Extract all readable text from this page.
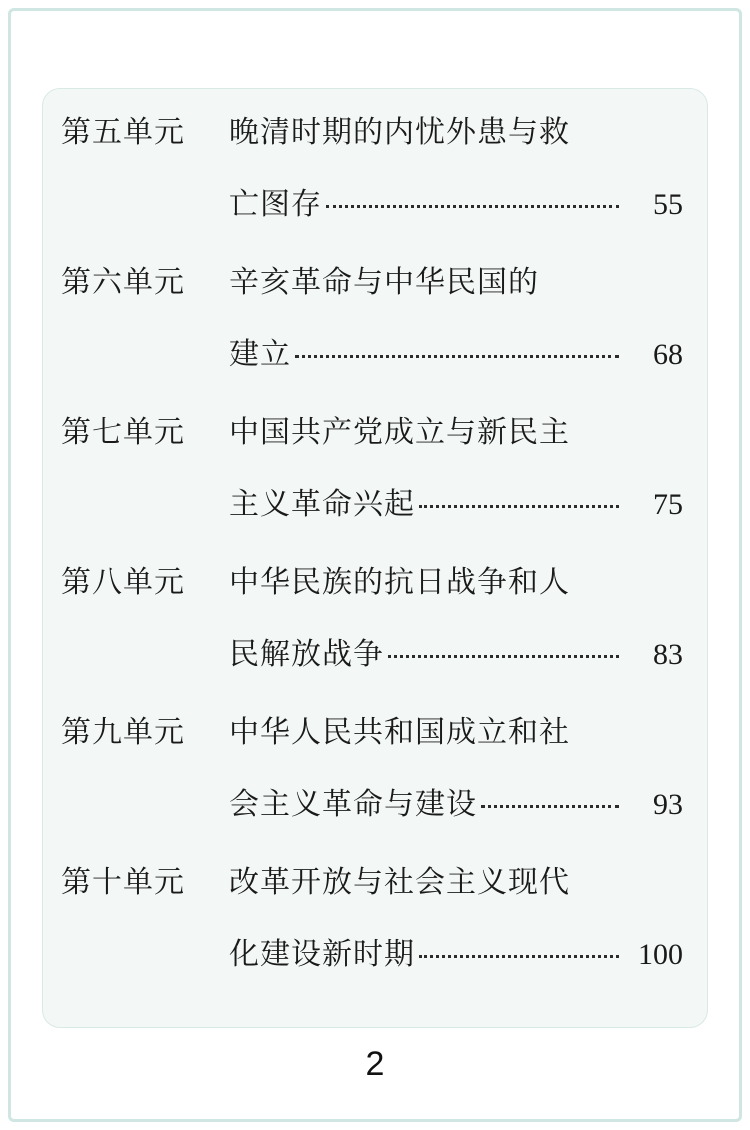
第五单元	晚清时期的内忧外患与救
亡图存	55
第六单元	辛亥革命与中华民国的
建立	68
第七单元	中国共产党成立与新民主
主义革命兴起	75
第八单元	中华民族的抗日战争和人
民解放战争	83
第九单元	中华人民共和国成立和社
会主义革命与建设	93
第十单元	改革开放与社会主义现代
化建设新时期	100
2
